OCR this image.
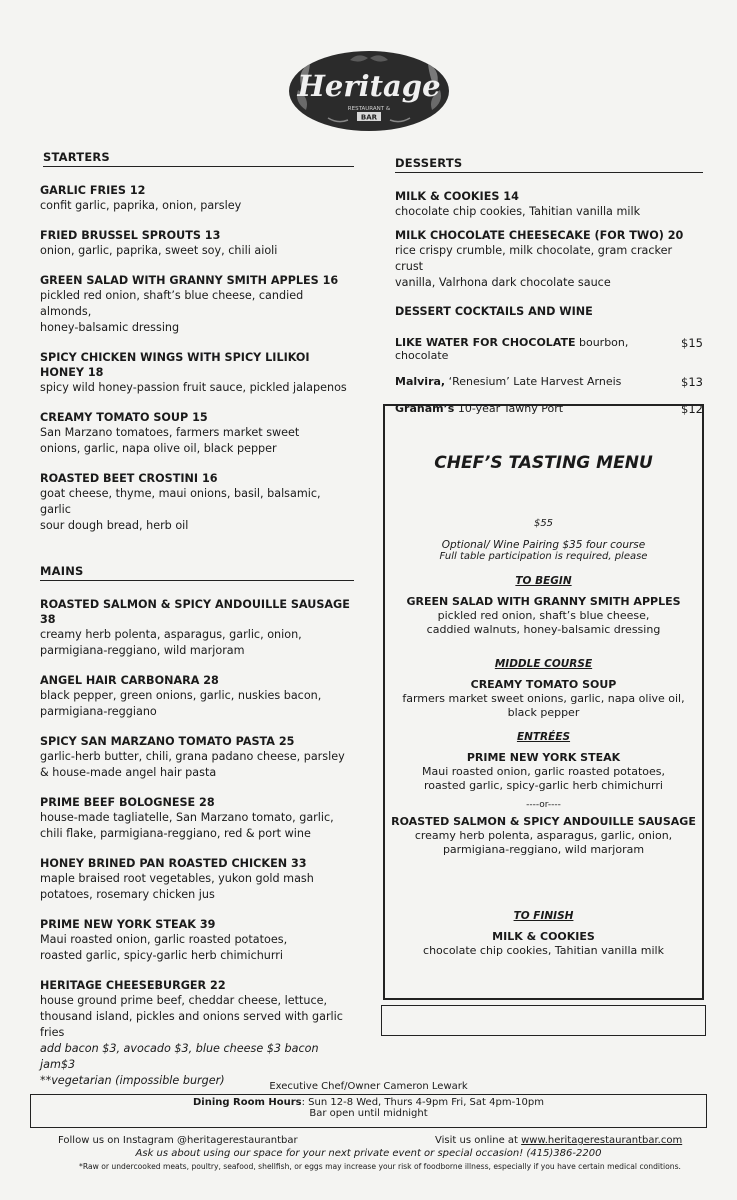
Heritage
RESTAURANT &
BAR
STARTERS
GARLIC FRIES 12
confit garlic, paprika, onion, parsley
FRIED BRUSSEL SPROUTS 13
onion, garlic, paprika, sweet soy, chili aioli
GREEN SALAD WITH GRANNY SMITH APPLES 16
pickled red onion, shaft’s blue cheese, candied almonds,
honey-balsamic dressing
SPICY CHICKEN WINGS WITH SPICY LILIKOI HONEY 18
spicy wild honey-passion fruit sauce, pickled jalapenos
CREAMY TOMATO SOUP 15
San Marzano tomatoes, farmers market sweet
onions, garlic, napa olive oil, black pepper
ROASTED BEET CROSTINI 16
goat cheese, thyme, maui onions, basil, balsamic, garlic
sour dough bread, herb oil
MAINS
ROASTED SALMON & SPICY ANDOUILLE SAUSAGE 38
creamy herb polenta, asparagus, garlic, onion,
parmigiana-reggiano, wild marjoram
ANGEL HAIR CARBONARA 28
black pepper, green onions, garlic, nuskies bacon,
parmigiana-reggiano
SPICY SAN MARZANO TOMATO PASTA 25
garlic-herb butter, chili, grana padano cheese, parsley
& house-made angel hair pasta
PRIME BEEF BOLOGNESE 28
house-made tagliatelle, San Marzano tomato, garlic,
chili flake, parmigiana-reggiano, red & port wine
HONEY BRINED PAN ROASTED CHICKEN 33
maple braised root vegetables, yukon gold mash
potatoes, rosemary chicken jus
PRIME NEW YORK STEAK 39
Maui roasted onion, garlic roasted potatoes,
roasted garlic, spicy-garlic herb chimichurri
HERITAGE CHEESEBURGER 22
house ground prime beef, cheddar cheese, lettuce,
thousand island, pickles and onions served with garlic fries
add bacon $3, avocado $3, blue cheese $3 bacon jam$3
**vegetarian (impossible burger)
DESSERTS
MILK & COOKIES 14
chocolate chip cookies, Tahitian vanilla milk
MILK CHOCOLATE CHEESECAKE (FOR TWO) 20
rice crispy crumble, milk chocolate, gram cracker crust
vanilla, Valrhona dark chocolate sauce
DESSERT COCKTAILS AND WINE
LIKE WATER FOR CHOCOLATE bourbon, chocolate
$15
Malvira, ‘Renesium’ Late Harvest Arneis	$13
Graham’s 10-year Tawny Port	$12
CHEF’S TASTING MENU
$55
Optional/ Wine Pairing $35 four course
Full table participation is required, please
TO BEGIN
GREEN SALAD WITH GRANNY SMITH APPLES
pickled red onion, shaft’s blue cheese,
caddied walnuts, honey-balsamic dressing
MIDDLE COURSE
CREAMY TOMATO SOUP
farmers market sweet onions, garlic, napa olive oil,
black pepper
ENTRÉES
PRIME NEW YORK STEAK
Maui roasted onion, garlic roasted potatoes,
roasted garlic, spicy-garlic herb chimichurri
----or----
ROASTED SALMON & SPICY ANDOUILLE SAUSAGE
creamy herb polenta, asparagus, garlic, onion,
parmigiana-reggiano, wild marjoram
TO FINISH
MILK & COOKIES
chocolate chip cookies, Tahitian vanilla milk
Executive Chef/Owner Cameron Lewark
Dining Room Hours: Sun 12-8 Wed, Thurs 4-9pm Fri, Sat 4pm-10pm
Bar open until midnight
Follow us on Instagram @heritagerestaurantbar	Visit us online at www.heritagerestaurantbar.com
Ask us about using our space for your next private event or special occasion! (415)386-2200
*Raw or undercooked meats, poultry, seafood, shellfish, or eggs may increase your risk of foodborne illness, especially if you have certain medical conditions.
